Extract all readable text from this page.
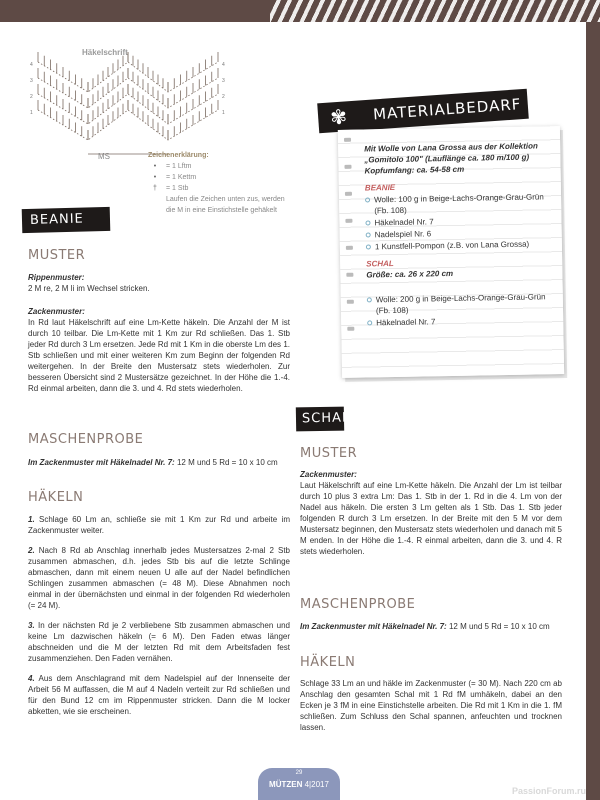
Häkelschrift
4
3
2
1
4
3
2
1
MS	Zeichenerklärung:
•	= 1 Lftm
•	= 1 Kettm
†	= 1 Stb
Laufen die Zeichen unten zus, werden
die M in eine Einstichstelle gehäkelt
BEANIE
MUSTER
Rippenmuster:
2 M re, 2 M li im Wechsel stricken.
Zackenmuster:
In Rd laut Häkelschrift auf eine Lm-Kette häkeln. Die Anzahl der M ist durch 10 teilbar. Die Lm-Kette mit 1 Km zur Rd schließen. Das 1. Stb jeder Rd durch 3 Lm ersetzen. Jede Rd mit 1 Km in die oberste Lm des 1. Stb schließen und mit einer weiteren Km zum Beginn der folgenden Rd weitergehen. In der Breite den Mustersatz stets wiederholen. Zur besseren Übersicht sind 2 Mustersätze gezeichnet. In der Höhe die 1.-4. Rd einmal arbeiten, dann die 3. und 4. Rd stets wiederholen.
MASCHENPROBE
Im Zackenmuster mit Häkelnadel Nr. 7: 12 M und 5 Rd = 10 x 10 cm
HÄKELN
1. Schlage 60 Lm an, schließe sie mit 1 Km zur Rd und arbeite im Zackenmuster weiter.
2. Nach 8 Rd ab Anschlag innerhalb jedes Mustersatzes 2-mal 2 Stb zusammen abmaschen, d.h. jedes Stb bis auf die letzte Schlinge abmaschen, dann mit einem neuen U alle auf der Nadel befindlichen Schlingen zusammen abmaschen (= 48 M). Diese Abnahmen noch einmal in der übernächsten und einmal in der folgenden Rd wiederholen (= 24 M).
3. In der nächsten Rd je 2 verbliebene Stb zusammen abmaschen und keine Lm dazwischen häkeln (= 6 M). Den Faden etwas länger abschneiden und die M der letzten Rd mit dem Arbeitsfaden fest zusammenziehen. Den Faden vernähen.
4. Aus dem Anschlagrand mit dem Nadelspiel auf der Innenseite der Arbeit 56 M auffassen, die M auf 4 Nadeln verteilt zur Rd schließen und für den Bund 12 cm im Rippenmuster stricken. Dann die M locker abketten, wie sie erscheinen.
✾ MATERIALBEDARF
Mit Wolle von Lana Grossa aus der Kollektion „Gomitolo 100" (Lauflänge ca. 180 m/100 g) Kopfumfang: ca. 54-58 cm
BEANIE
Wolle: 100 g in Beige-Lachs-Orange-Grau-Grün (Fb. 108)
Häkelnadel Nr. 7
Nadelspiel Nr. 6
1 Kunstfell-Pompon (z.B. von Lana Grossa)
SCHAL
Größe: ca. 26 x 220 cm
Wolle: 200 g in Beige-Lachs-Orange-Grau-Grün (Fb. 108)
Häkelnadel Nr. 7
SCHAL
MUSTER
Zackenmuster:
Laut Häkelschrift auf eine Lm-Kette häkeln. Die Anzahl der Lm ist teilbar durch 10 plus 3 extra Lm: Das 1. Stb in der 1. Rd in die 4. Lm von der Nadel aus häkeln. Die ersten 3 Lm gelten als 1 Stb. Das 1. Stb jeder folgenden R durch 3 Lm ersetzen. In der Breite mit den 5 M vor dem Mustersatz beginnen, den Mustersatz stets wiederholen und danach mit 5 M enden. In der Höhe die 1.-4. R einmal arbeiten, dann die 3. und 4. R stets wiederholen.
MASCHENPROBE
Im Zackenmuster mit Häkelnadel Nr. 7: 12 M und 5 Rd = 10 x 10 cm
HÄKELN
Schlage 33 Lm an und häkle im Zackenmuster (= 30 M). Nach 220 cm ab Anschlag den gesamten Schal mit 1 Rd fM umhäkeln, dabei an den Ecken je 3 fM in eine Einstichstelle arbeiten. Die Rd mit 1 Km in die 1. fM schließen. Zum Schluss den Schal spannen, anfeuchten und trocknen lassen.
29
MÜTZEN 4|2017
PassionForum.ru
